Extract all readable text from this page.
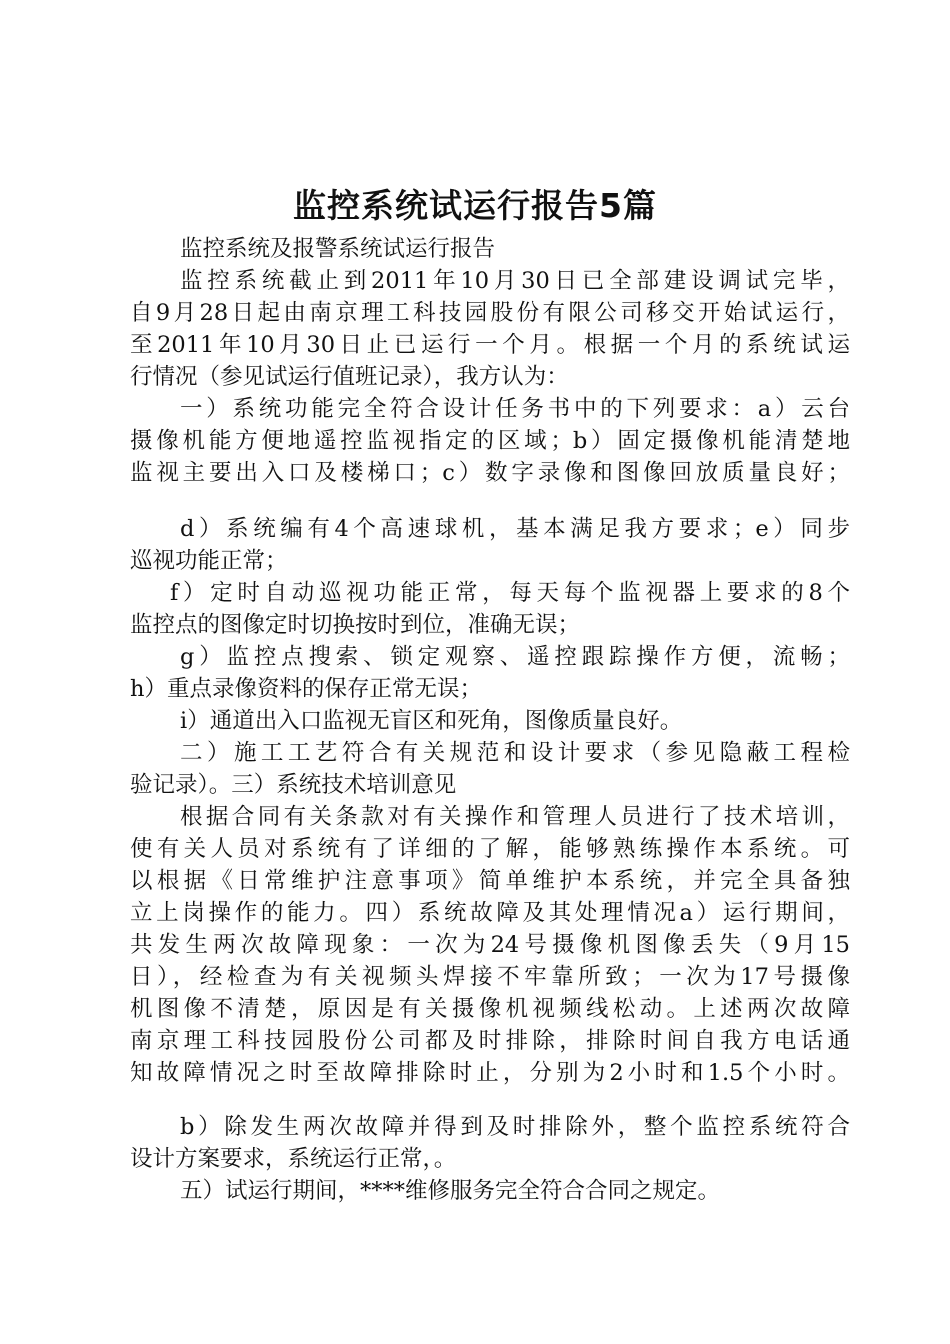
监控系统试运行报告5篇

监控系统及报警系统试运行报告

监控系统截止到2011年10月30日已全部建设调试完毕，

自9月28日起由南京理工科技园股份有限公司移交开始试运行，

至2011年10月30日止已运行一个月。根据一个月的系统试运

行情况（参见试运行值班记录），我方认为：

一）系统功能完全符合设计任务书中的下列要求：a）云台

摄像机能方便地遥控监视指定的区域；b）固定摄像机能清楚地

监视主要出入口及楼梯口；c）数字录像和图像回放质量良好；

d）系统编有4个高速球机，基本满足我方要求；e）同步

巡视功能正常；

f）定时自动巡视功能正常，每天每个监视器上要求的8个

监控点的图像定时切换按时到位，准确无误；

g）监控点搜索、锁定观察、遥控跟踪操作方便，流畅；

h）重点录像资料的保存正常无误；

i）通道出入口监视无盲区和死角，图像质量良好。

二）施工工艺符合有关规范和设计要求（参见隐蔽工程检

验记录）。三）系统技术培训意见

根据合同有关条款对有关操作和管理人员进行了技术培训，

使有关人员对系统有了详细的了解，能够熟练操作本系统。可

以根据《日常维护注意事项》简单维护本系统，并完全具备独

立上岗操作的能力。四）系统故障及其处理情况a）运行期间，

共发生两次故障现象：一次为24号摄像机图像丢失（9月15

日），经检查为有关视频头焊接不牢靠所致；一次为17号摄像

机图像不清楚，原因是有关摄像机视频线松动。上述两次故障

南京理工科技园股份公司都及时排除，排除时间自我方电话通

知故障情况之时至故障排除时止，分别为2小时和1.5个小时。

b）除发生两次故障并得到及时排除外，整个监控系统符合

设计方案要求，系统运行正常，。

五）试运行期间，****维修服务完全符合合同之规定。
